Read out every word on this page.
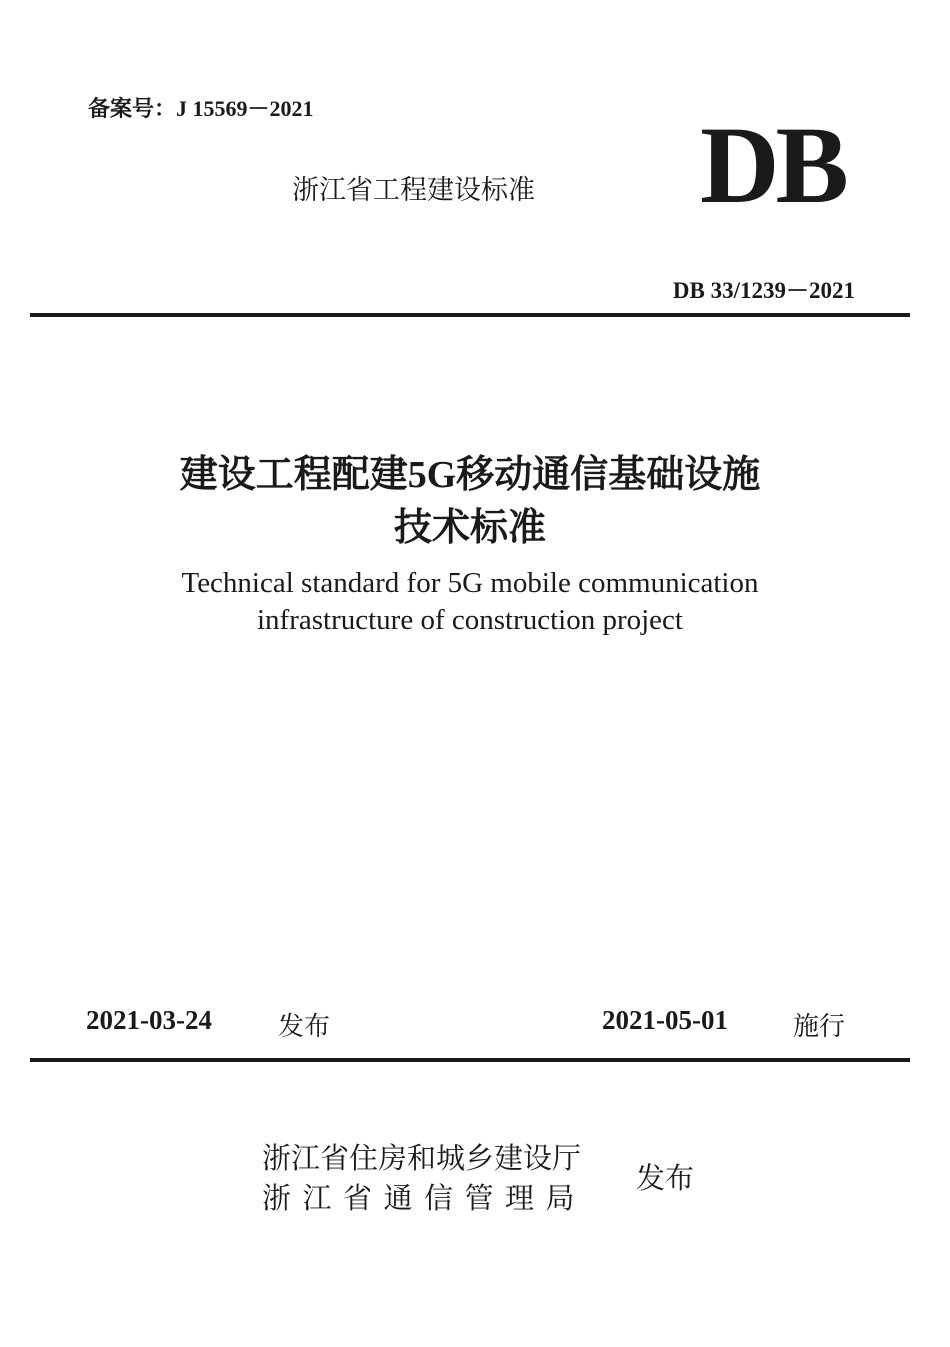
备案号：J 15569－2021
浙江省工程建设标准 DB
DB 33/1239－2021
建设工程配建5G移动通信基础设施
技术标准
Technical standard for 5G mobile communication
infrastructure of construction project
2021-03-24	发布	2021-05-01	施行
浙江省住房和城乡建设厅
浙江省通信管理局
发布
